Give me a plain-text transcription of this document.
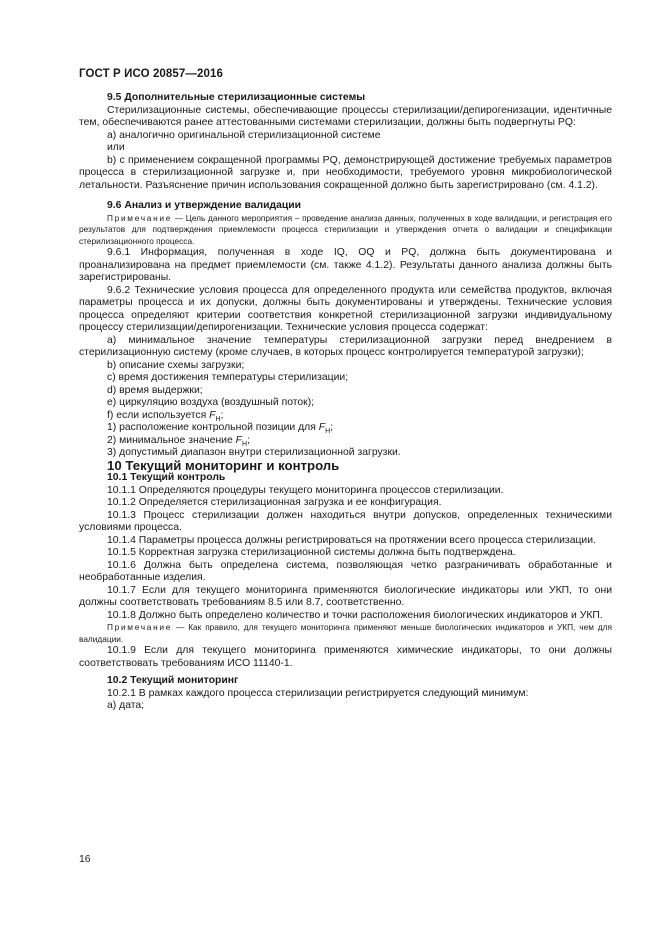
ГОСТ Р ИСО 20857—2016

9.5 Дополнительные стерилизационные системы

Стерилизационные системы, обеспечивающие процессы стерилизации/депирогенизации, идентичные тем, обеспечиваются ранее аттестованными системами стерилизации, должны быть подвергнуты PQ:

а) аналогично оригинальной стерилизационной системе

или

b) с применением сокращенной программы PQ, демонстрирующей достижение требуемых параметров процесса в стерилизационной загрузке и, при необходимости, требуемого уровня микробиологической летальности. Разъяснение причин использования сокращенной должно быть зарегистрировано (см. 4.1.2).

9.6 Анализ и утверждение валидации

Примечание — Цель данного мероприятия – проведение анализа данных, полученных в ходе валидации, и регистрация его результатов для подтверждения приемлемости процесса стерилизации и утверждения отчета о валидации и спецификации стерилизационного процесса.

9.6.1 Информация, полученная в ходе IQ, OQ и PQ, должна быть документирована и проанализирована на предмет приемлемости (см. также 4.1.2). Результаты данного анализа должны быть зарегистрированы.

9.6.2 Технические условия процесса для определенного продукта или семейства продуктов, включая параметры процесса и их допуски, должны быть документированы и утверждены. Технические условия процесса определяют критерии соответствия конкретной стерилизационной загрузки индивидуальному процессу стерилизации/депирогенизации. Технические условия процесса содержат:

а) минимальное значение температуры стерилизационной загрузки перед внедрением в стерилизационную систему (кроме случаев, в которых процесс контролируется температурой загрузки);

b) описание схемы загрузки;

c) время достижения температуры стерилизации;

d) время выдержки;

e) циркуляцию воздуха (воздушный поток);

f) если используется $F_H$;

1) расположение контрольной позиции для $F_H$;

2) минимальное значение $F_H$;

3) допустимый диапазон внутри стерилизационной загрузки.

10 Текущий мониторинг и контроль

10.1 Текущий контроль

10.1.1 Определяются процедуры текущего мониторинга процессов стерилизации.

10.1.2 Определяется стерилизационная загрузка и ее конфигурация.

10.1.3 Процесс стерилизации должен находиться внутри допусков, определенных техническими условиями процесса.

10.1.4 Параметры процесса должны регистрироваться на протяжении всего процесса стерилизации.

10.1.5 Корректная загрузка стерилизационной системы должна быть подтверждена.

10.1.6 Должна быть определена система, позволяющая четко разграничивать обработанные и необработанные изделия.

10.1.7 Если для текущего мониторинга применяются биологические индикаторы или УКП, то они должны соответствовать требованиям 8.5 или 8.7, соответственно.

10.1.8 Должно быть определено количество и точки расположения биологических индикаторов и УКП.

Примечание — Как правило, для текущего мониторинга применяют меньше биологических индикаторов и УКП, чем для валидации.

10.1.9 Если для текущего мониторинга применяются химические индикаторы, то они должны соответствовать требованиям ИСО 11140-1.

10.2 Текущий мониторинг

10.2.1 В рамках каждого процесса стерилизации регистрируется следующий минимум:

а) дата;

16
